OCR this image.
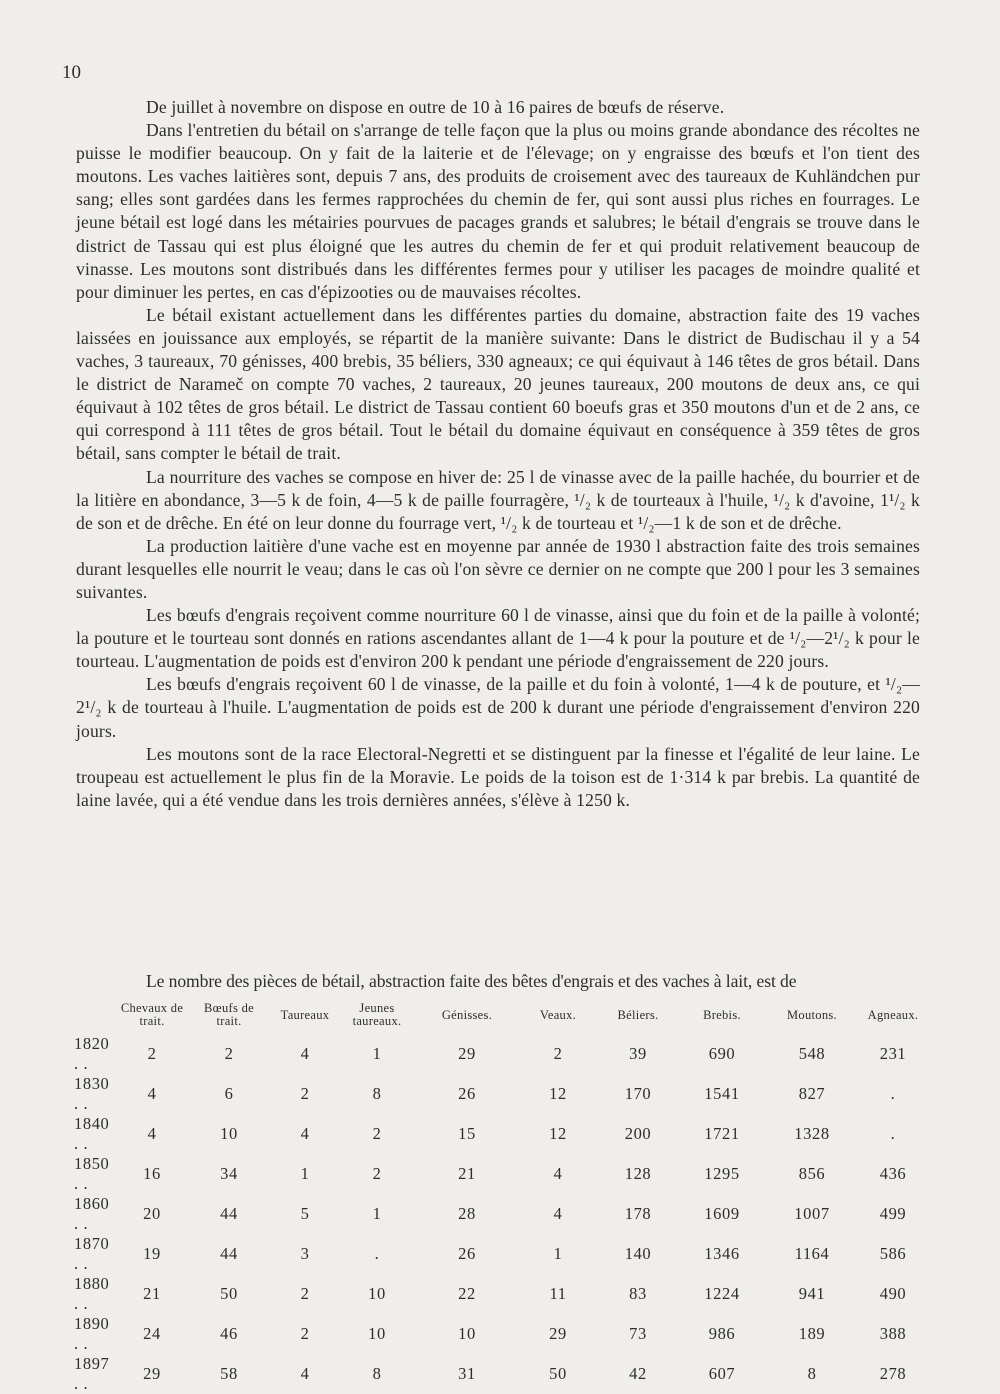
10

De juillet à novembre on dispose en outre de 10 à 16 paires de bœufs de réserve.

Dans l'entretien du bétail on s'arrange de telle façon que la plus ou moins grande abondance des récoltes ne puisse le modifier beaucoup. On y fait de la laiterie et de l'élevage; on y engraisse des bœufs et l'on tient des moutons. Les vaches laitières sont, depuis 7 ans, des produits de croisement avec des taureaux de Kuhländchen pur sang; elles sont gardées dans les fermes rapprochées du chemin de fer, qui sont aussi plus riches en fourrages. Le jeune bétail est logé dans les métairies pourvues de pacages grands et salubres; le bétail d'engrais se trouve dans le district de Tassau qui est plus éloigné que les autres du chemin de fer et qui produit relativement beaucoup de vinasse. Les moutons sont distribués dans les différentes fermes pour y utiliser les pacages de moindre qualité et pour diminuer les pertes, en cas d'épizooties ou de mauvaises récoltes.

Le bétail existant actuellement dans les différentes parties du domaine, abstraction faite des 19 vaches laissées en jouissance aux employés, se répartit de la manière suivante: Dans le district de Budischau il y a 54 vaches, 3 taureaux, 70 génisses, 400 brebis, 35 béliers, 330 agneaux; ce qui équivaut à 146 têtes de gros bétail. Dans le district de Naramеč on compte 70 vaches, 2 taureaux, 20 jeunes taureaux, 200 moutons de deux ans, ce qui équivaut à 102 têtes de gros bétail. Le district de Tassau contient 60 boeufs gras et 350 moutons d'un et de 2 ans, ce qui correspond à 111 têtes de gros bétail. Tout le bétail du domaine équivaut en conséquence à 359 têtes de gros bétail, sans compter le bétail de trait.

La nourriture des vaches se compose en hiver de: 25 l de vinasse avec de la paille hachée, du bourrier et de la litière en abondance, 3—5 k de foin, 4—5 k de paille fourragère, ¹/₂ k de tourteaux à l'huile, ¹/₂ k d'avoine, 1¹/₂ k de son et de drêche. En été on leur donne du fourrage vert, ¹/₂ k de tourteau et ¹/₂—1 k de son et de drêche.

La production laitière d'une vache est en moyenne par année de 1930 l abstraction faite des trois semaines durant lesquelles elle nourrit le veau; dans le cas où l'on sèvre ce dernier on ne compte que 200 l pour les 3 semaines suivantes.

Les bœufs d'engrais reçoivent comme nourriture 60 l de vinasse, ainsi que du foin et de la paille à volonté; la pouture et le tourteau sont donnés en rations ascendantes allant de 1—4 k pour la pouture et de ¹/₂—2¹/₂ k pour le tourteau. L'augmentation de poids est d'environ 200 k pendant une période d'engraissement de 220 jours.

Les bœufs d'engrais reçoivent 60 l de vinasse, de la paille et du foin à volonté, 1—4 k de pouture, et ¹/₂—2¹/₂ k de tourteau à l'huile. L'augmentation de poids est de 200 k durant une période d'engraissement d'environ 220 jours.

Les moutons sont de la race Electoral-Negretti et se distinguent par la finesse et l'égalité de leur laine. Le troupeau est actuellement le plus fin de la Moravie. Le poids de la toison est de 1·314 k par brebis. La quantité de laine lavée, qui a été vendue dans les trois dernières années, s'élève à 1250 k.

Le nombre des pièces de bétail, abstraction faite des bêtes d'engrais et des vaches à lait, est de
	Chevaux de trait.	Bœufs de trait.	Taureaux	Jeunes taureaux.	Génisses.	Veaux.	Béliers.	Brebis.	Moutons.	Agneaux.
1820 . .	2	2	4	1	29	2	39	690	548	231
1830 . .	4	6	2	8	26	12	170	1541	827	.
1840 . .	4	10	4	2	15	12	200	1721	1328	.
1850 . .	16	34	1	2	21	4	128	1295	856	436
1860 . .	20	44	5	1	28	4	178	1609	1007	499
1870 . .	19	44	3	.	26	1	140	1346	1164	586
1880 . .	21	50	2	10	22	11	83	1224	941	490
1890 . .	24	46	2	10	10	29	73	986	189	388
1897 . .	29	58	4	8	31	50	42	607	8	278
